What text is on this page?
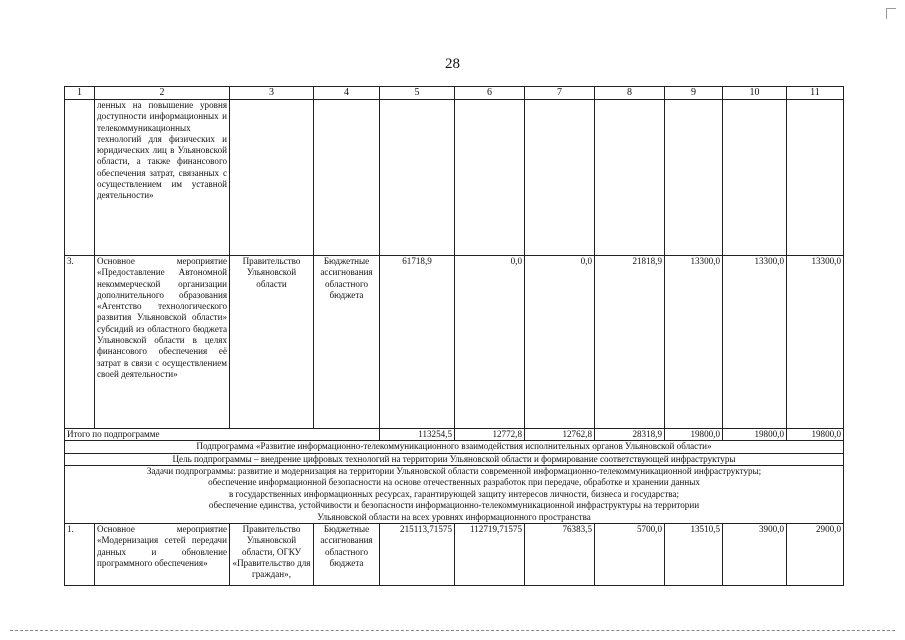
28
1	2	3	4	5	6	7	8	9	10	11
	ленных на повышение уровня доступности информационных и телекоммуникационных технологий для физических и юридических лиц в Ульяновской области, а также финансового обеспечения затрат, связанных с осуществлением им уставной деятельности»									
3.	Основное мероприятие «Предоставление Автономной некоммерческой организации дополнительного образования «Агентство технологического развития Ульяновской области» субсидий из областного бюджета Ульяновской области в целях финансового обеспечения её затрат в связи с осуществлением своей деятельности»	Правительство Ульяновской области	Бюджетные ассигнования областного бюджета	61718,9	0,0	0,0	21818,9	13300,0	13300,0	13300,0
Итого по подпрограмме				113254,5	12772,8	12762,8	28318,9	19800,0	19800,0	19800,0
Подпрограмма «Развитие информационно-телекоммуникационного взаимодействия исполнительных органов Ульяновской области»										
Цель подпрограммы – внедрение цифровых технологий на территории Ульяновской области и формирование соответствующей инфраструктуры										

Задачи подпрограммы: развитие и модернизация на территории Ульяновской области современной информационно-телекоммуникационной инфраструктуры;
обеспечение информационной безопасности на основе отечественных разработок при передаче, обработке и хранении данных
в государственных информационных ресурсах, гарантирующей защиту интересов личности, бизнеса и государства;
обеспечение единства, устойчивости и безопасности информационно-телекоммуникационной инфраструктуры на территории
Ульяновской области на всех уровнях информационного пространства										

1.	Основное мероприятие «Модернизация сетей передачи данных и обновление программного обеспечения»	Правительство Ульяновской области, ОГКУ «Правительство для граждан»,	Бюджетные ассигнования областного бюджета	215113,71575	112719,71575	76383,5	5700,0	13510,5	3900,0	2900,0
